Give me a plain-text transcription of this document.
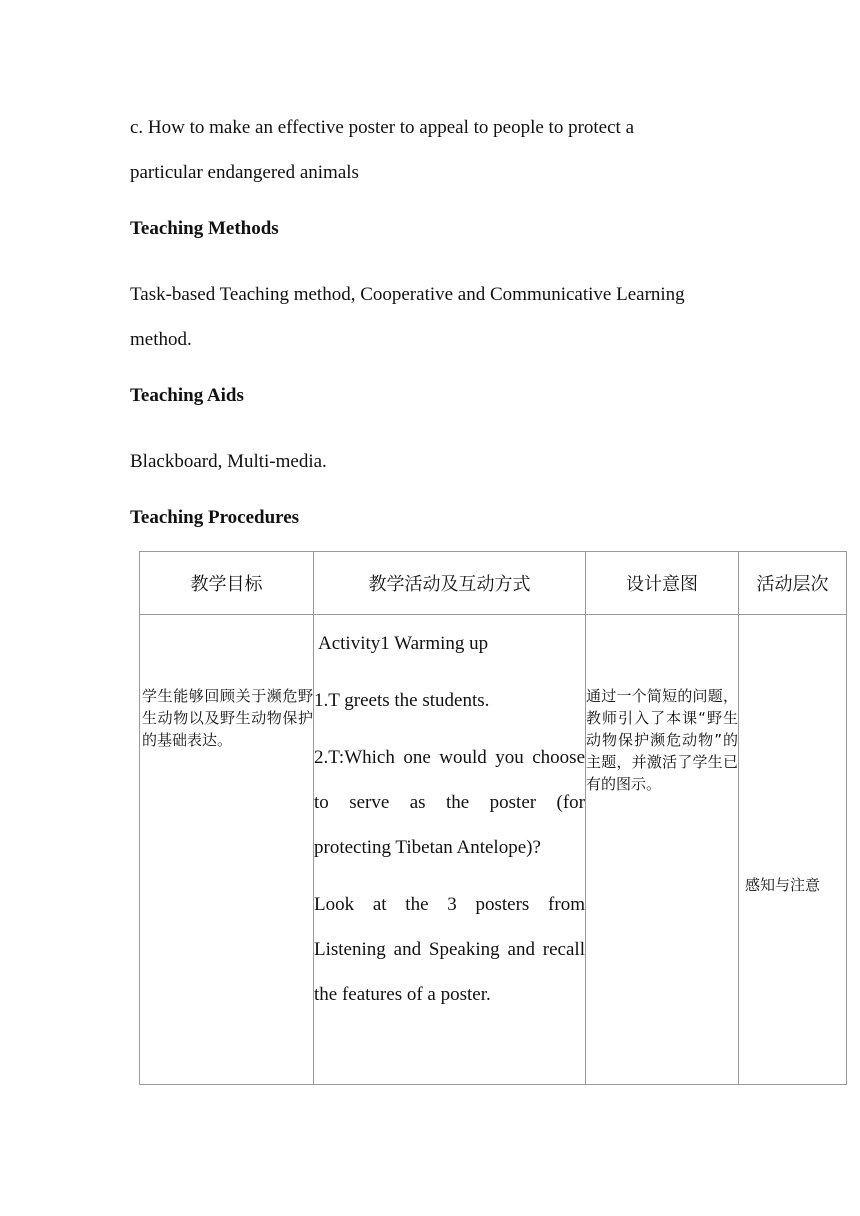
c. How to make an effective poster to appeal to people to protect a

particular endangered animals

Teaching Methods

Task-based Teaching method, Cooperative and Communicative Learning

method.

Teaching Aids

Blackboard, Multi-media.

Teaching Procedures

教学目标	教学活动及互动方式	设计意图	活动层次

学生能够回顾关于濒危野生动物以及野生动物保护的基础表达。	Activity1 Warming up

1.T greets the students.

2.T:Which one would you choose to serve as the poster (for protecting Tibetan Antelope)?

Look at the 3 posters from Listening and Speaking and recall the features of a poster.	通过一个简短的问题，教师引入了本课“野生动物保护濒危动物”的主题，并激活了学生已有的图示。	感知与注意
